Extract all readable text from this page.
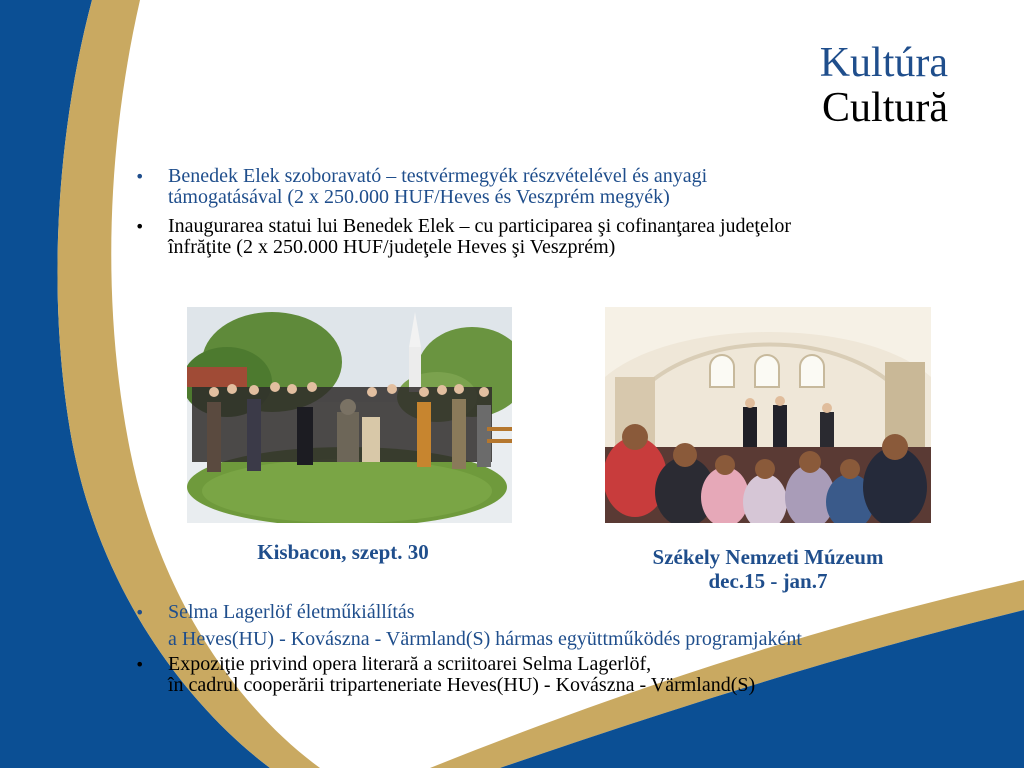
Kultúra
Cultură
• Benedek Elek szoboravató – testvérmegyék részvételével és anyagi
támogatásával (2 x 250.000 HUF/Heves és Veszprém megyék)
• Inaugurarea statui lui Benedek Elek – cu participarea şi cofinanţarea judeţelor
înfrăţite (2 x 250.000 HUF/judeţele Heves şi Veszprém)
Kisbacon, szept. 30	Székely Nemzeti Múzeum
dec.15 - jan.7
• Selma Lagerlöf életműkiállítás
a Heves(HU) - Kovászna - Värmland(S) hármas együttműködés programjaként
• Expoziţie privind opera literară a scriitoarei Selma Lagerlöf,
în cadrul cooperării triparteneriate Heves(HU) - Kovászna - Värmland(S)
